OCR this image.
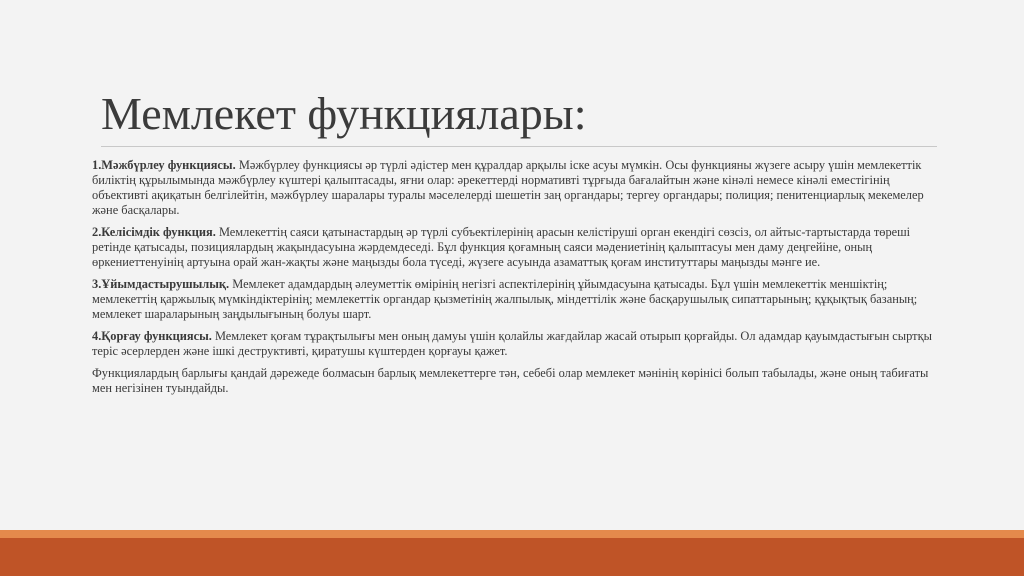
Мемлекет функциялары:

1.Мәжбүрлеу функциясы. Мәжбүрлеу функциясы әр түрлі әдістер мен құралдар арқылы іске асуы мүмкін. Осы функцияны жүзеге асыру үшін мемлекеттік биліктің құрылымында мәжбүрлеу күштері қалыптасады, яғни олар: әрекеттерді нормативті тұрғыда бағалайтын және кінәлі немесе кінәлі еместігінің объективті ақиқатын белгілейтін, мәжбүрлеу шаралары туралы мәселелерді шешетін заң органдары; тергеу органдары; полиция; пенитенциарлық мекемелер және басқалары.

2.Келісімдік функция. Мемлекеттің саяси қатынастардың әр түрлі субъектілерінің арасын келістіруші орган екендігі сөзсіз, ол айтыс-тартыстарда төреші ретінде қатысады, позициялардың жақындасуына жәрдемдеседі. Бұл функция қоғамның саяси мәдениетінің қалыптасуы мен даму деңгейіне, оның өркениеттенуінің артуына орай жан-жақты және маңызды бола түседі, жүзеге асуында азаматтық қоғам институттары маңызды мәнге ие.

3.Ұйымдастырушылық. Мемлекет адамдардың әлеуметтік өмірінің негізгі аспектілерінің ұйымдасуына қатысады. Бұл үшін мемлекеттік меншіктің; мемлекеттің қаржылық мүмкіндіктерінің; мемлекеттік органдар қызметінің жалпылық, міндеттілік және басқарушылық сипаттарының; құқықтық базаның; мемлекет шараларының заңдылығының болуы шарт.

4.Қорғау функциясы. Мемлекет қоғам тұрақтылығы мен оның дамуы үшін қолайлы жағдайлар жасай отырып қорғайды. Ол адамдар қауымдастығын сыртқы теріс әсерлерден және ішкі деструктивті, қиратушы күштерден қорғауы қажет.

Функциялардың барлығы қандай дәрежеде болмасын барлық мемлекеттерге тән, себебі олар мемлекет мәнінің көрінісі болып табылады, және оның табиғаты мен негізінен туындайды.
